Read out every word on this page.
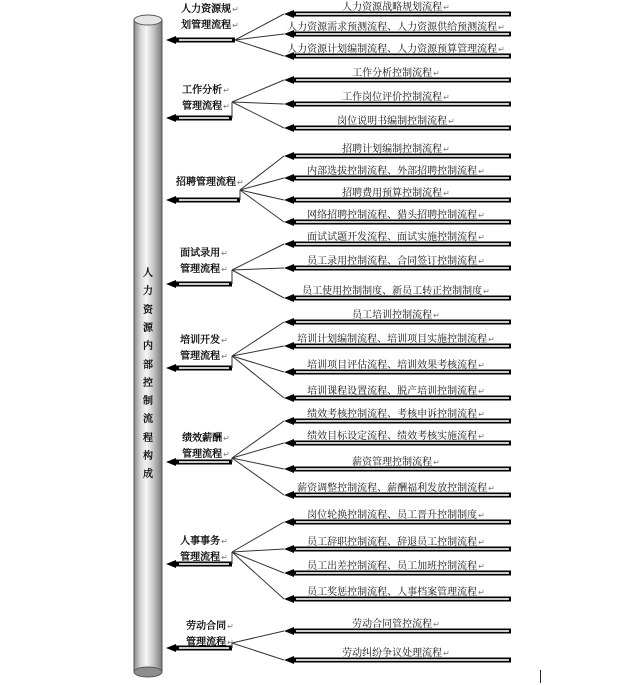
人
力
资
源
内
部
控
制
流
程
构
成
人力资源战略规划流程↵
人力资源需求预测流程、人力资源供给预测流程↵
人力资源计划编制流程、人力资源预算管理流程↵
人力资源规↵
划管理流程↵
工作分析控制流程↵
工作岗位评价控制流程↵
岗位说明书编制控制流程↵
工作分析↵
管理流程↵
招聘计划编制控制流程↵
内部选拔控制流程、外部招聘控制流程↵
招聘费用预算控制流程↵
网络招聘控制流程、猎头招聘控制流程↵
招聘管理流程↵
面试试题开发流程、面试实施控制流程↵
员工录用控制流程、合同签订控制流程↵
员工使用控制制度、新员工转正控制制度↵
面试录用↵
管理流程↵
员工培训控制流程↵
培训计划编制流程、培训项目实施控制流程↵
培训项目评估流程、培训效果考核流程↵
培训课程设置流程、脱产培训控制流程↵
培训开发↵
管理流程↵
绩效考核控制流程、考核申诉控制流程↵
绩效目标设定流程、绩效考核实施流程↵
薪资管理控制流程↵
薪资调整控制流程、薪酬福利发放控制流程↵
绩效薪酬↵
管理流程↵
岗位轮换控制流程、员工晋升控制制度↵
员工辞职控制流程、辞退员工控制流程↵
员工出差控制流程、员工加班控制流程↵
员工奖惩控制流程、人事档案管理流程↵
人事事务↵
管理流程↵
劳动合同管控流程↵
劳动纠纷争议处理流程↵
劳动合同↵
管理流程↵
